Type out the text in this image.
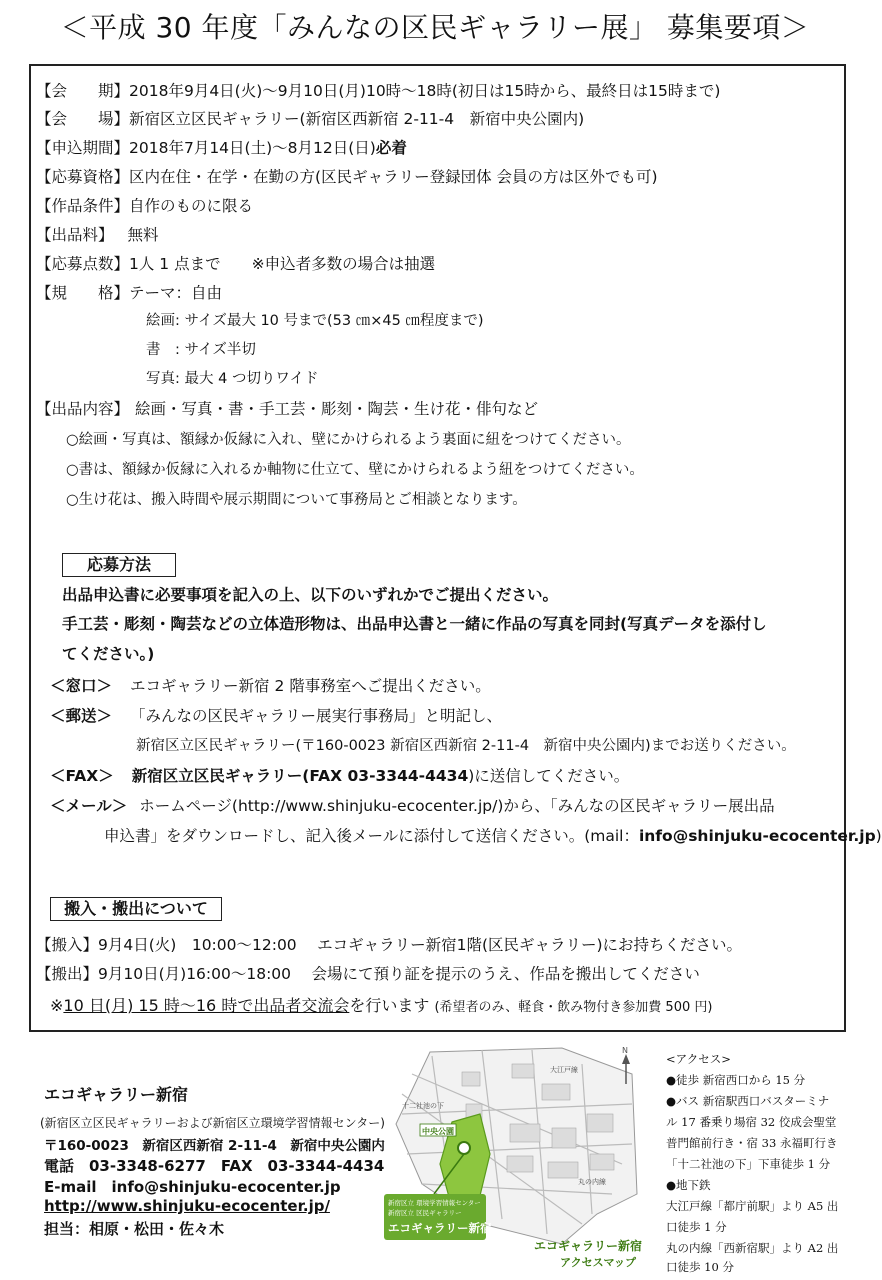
＜平成 30 年度「みんなの区民ギャラリー展」 募集要項＞
【会　　期】2018年9月4日(火)〜9月10日(月)10時〜18時(初日は15時から、最終日は15時まで)
【会　　場】新宿区立区民ギャラリー(新宿区西新宿 2-11-4　新宿中央公園内)
【申込期間】2018年7月14日(土)〜8月12日(日)必着
【応募資格】区内在住・在学・在勤の方(区民ギャラリー登録団体 会員の方は区外でも可)
【作品条件】自作のものに限る
【出品料】 無料
【応募点数】1人 1 点まで　　※申込者多数の場合は抽選
【規　　格】テーマ：自由
絵画: サイズ最大 10 号まで(53 ㎝×45 ㎝程度まで)
書　: サイズ半切
写真: 最大 4 つ切りワイド
【出品内容】 絵画・写真・書・手工芸・彫刻・陶芸・生け花・俳句など
○絵画・写真は、額縁か仮縁に入れ、壁にかけられるよう裏面に紐をつけてください。
○書は、額縁か仮縁に入れるか軸物に仕立て、壁にかけられるよう紐をつけてください。
○生け花は、搬入時間や展示期間について事務局とご相談となります。
応募方法
出品申込書に必要事項を記入の上、以下のいずれかでご提出ください。
手工芸・彫刻・陶芸などの立体造形物は、出品申込書と一緒に作品の写真を同封(写真データを添付し
てください。)
＜窓口＞ エコギャラリー新宿 2 階事務室へご提出ください。
＜郵送＞ 「みんなの区民ギャラリー展実行事務局」と明記し、
新宿区立区民ギャラリー(〒160-0023 新宿区西新宿 2-11-4　新宿中央公園内)までお送りください。
＜FAX＞ 新宿区立区民ギャラリー(FAX 03-3344-4434)に送信してください。
＜メール＞ ホームページ(http://www.shinjuku-ecocenter.jp/)から、「みんなの区民ギャラリー展出品
申込書」をダウンロードし、記入後メールに添付して送信ください。(mail：info@shinjuku-ecocenter.jp)
搬入・搬出について
【搬入】9月4日(火)　10:00〜12:00　 エコギャラリー新宿1階(区民ギャラリー)にお持ちください。
【搬出】9月10日(月)16:00〜18:00　 会場にて預り証を提示のうえ、作品を搬出してください
※10 日(月) 15 時〜16 時で出品者交流会を行います (希望者のみ、軽食・飲み物付き参加費 500 円)
エコギャラリー新宿
(新宿区立区民ギャラリーおよび新宿区立環境学習情報センター)
〒160-0023　新宿区西新宿 2-11-4　新宿中央公園内
電話　03-3348-6277　FAX　03-3344-4434
E-mail　info@shinjuku-ecocenter.jp
http://www.shinjuku-ecocenter.jp/
担当：相原・松田・佐々木
中央公園
新宿区立 環境学習情報センター
新宿区立 区民ギャラリー
エコギャラリー新宿
十二社池の下
大江戸線
丸の内線
エコギャラリー新宿
アクセスマップ
N
<アクセス>
●徒歩 新宿西口から 15 分
●バス 新宿駅西口バスターミナ
ル 17 番乗り場宿 32 佼成会聖堂
普門館前行き・宿 33 永福町行き
「十二社池の下」下車徒歩 1 分
●地下鉄
大江戸線「都庁前駅」より A5 出
口徒歩 1 分
丸の内線「西新宿駅」より A2 出
口徒歩 10 分
